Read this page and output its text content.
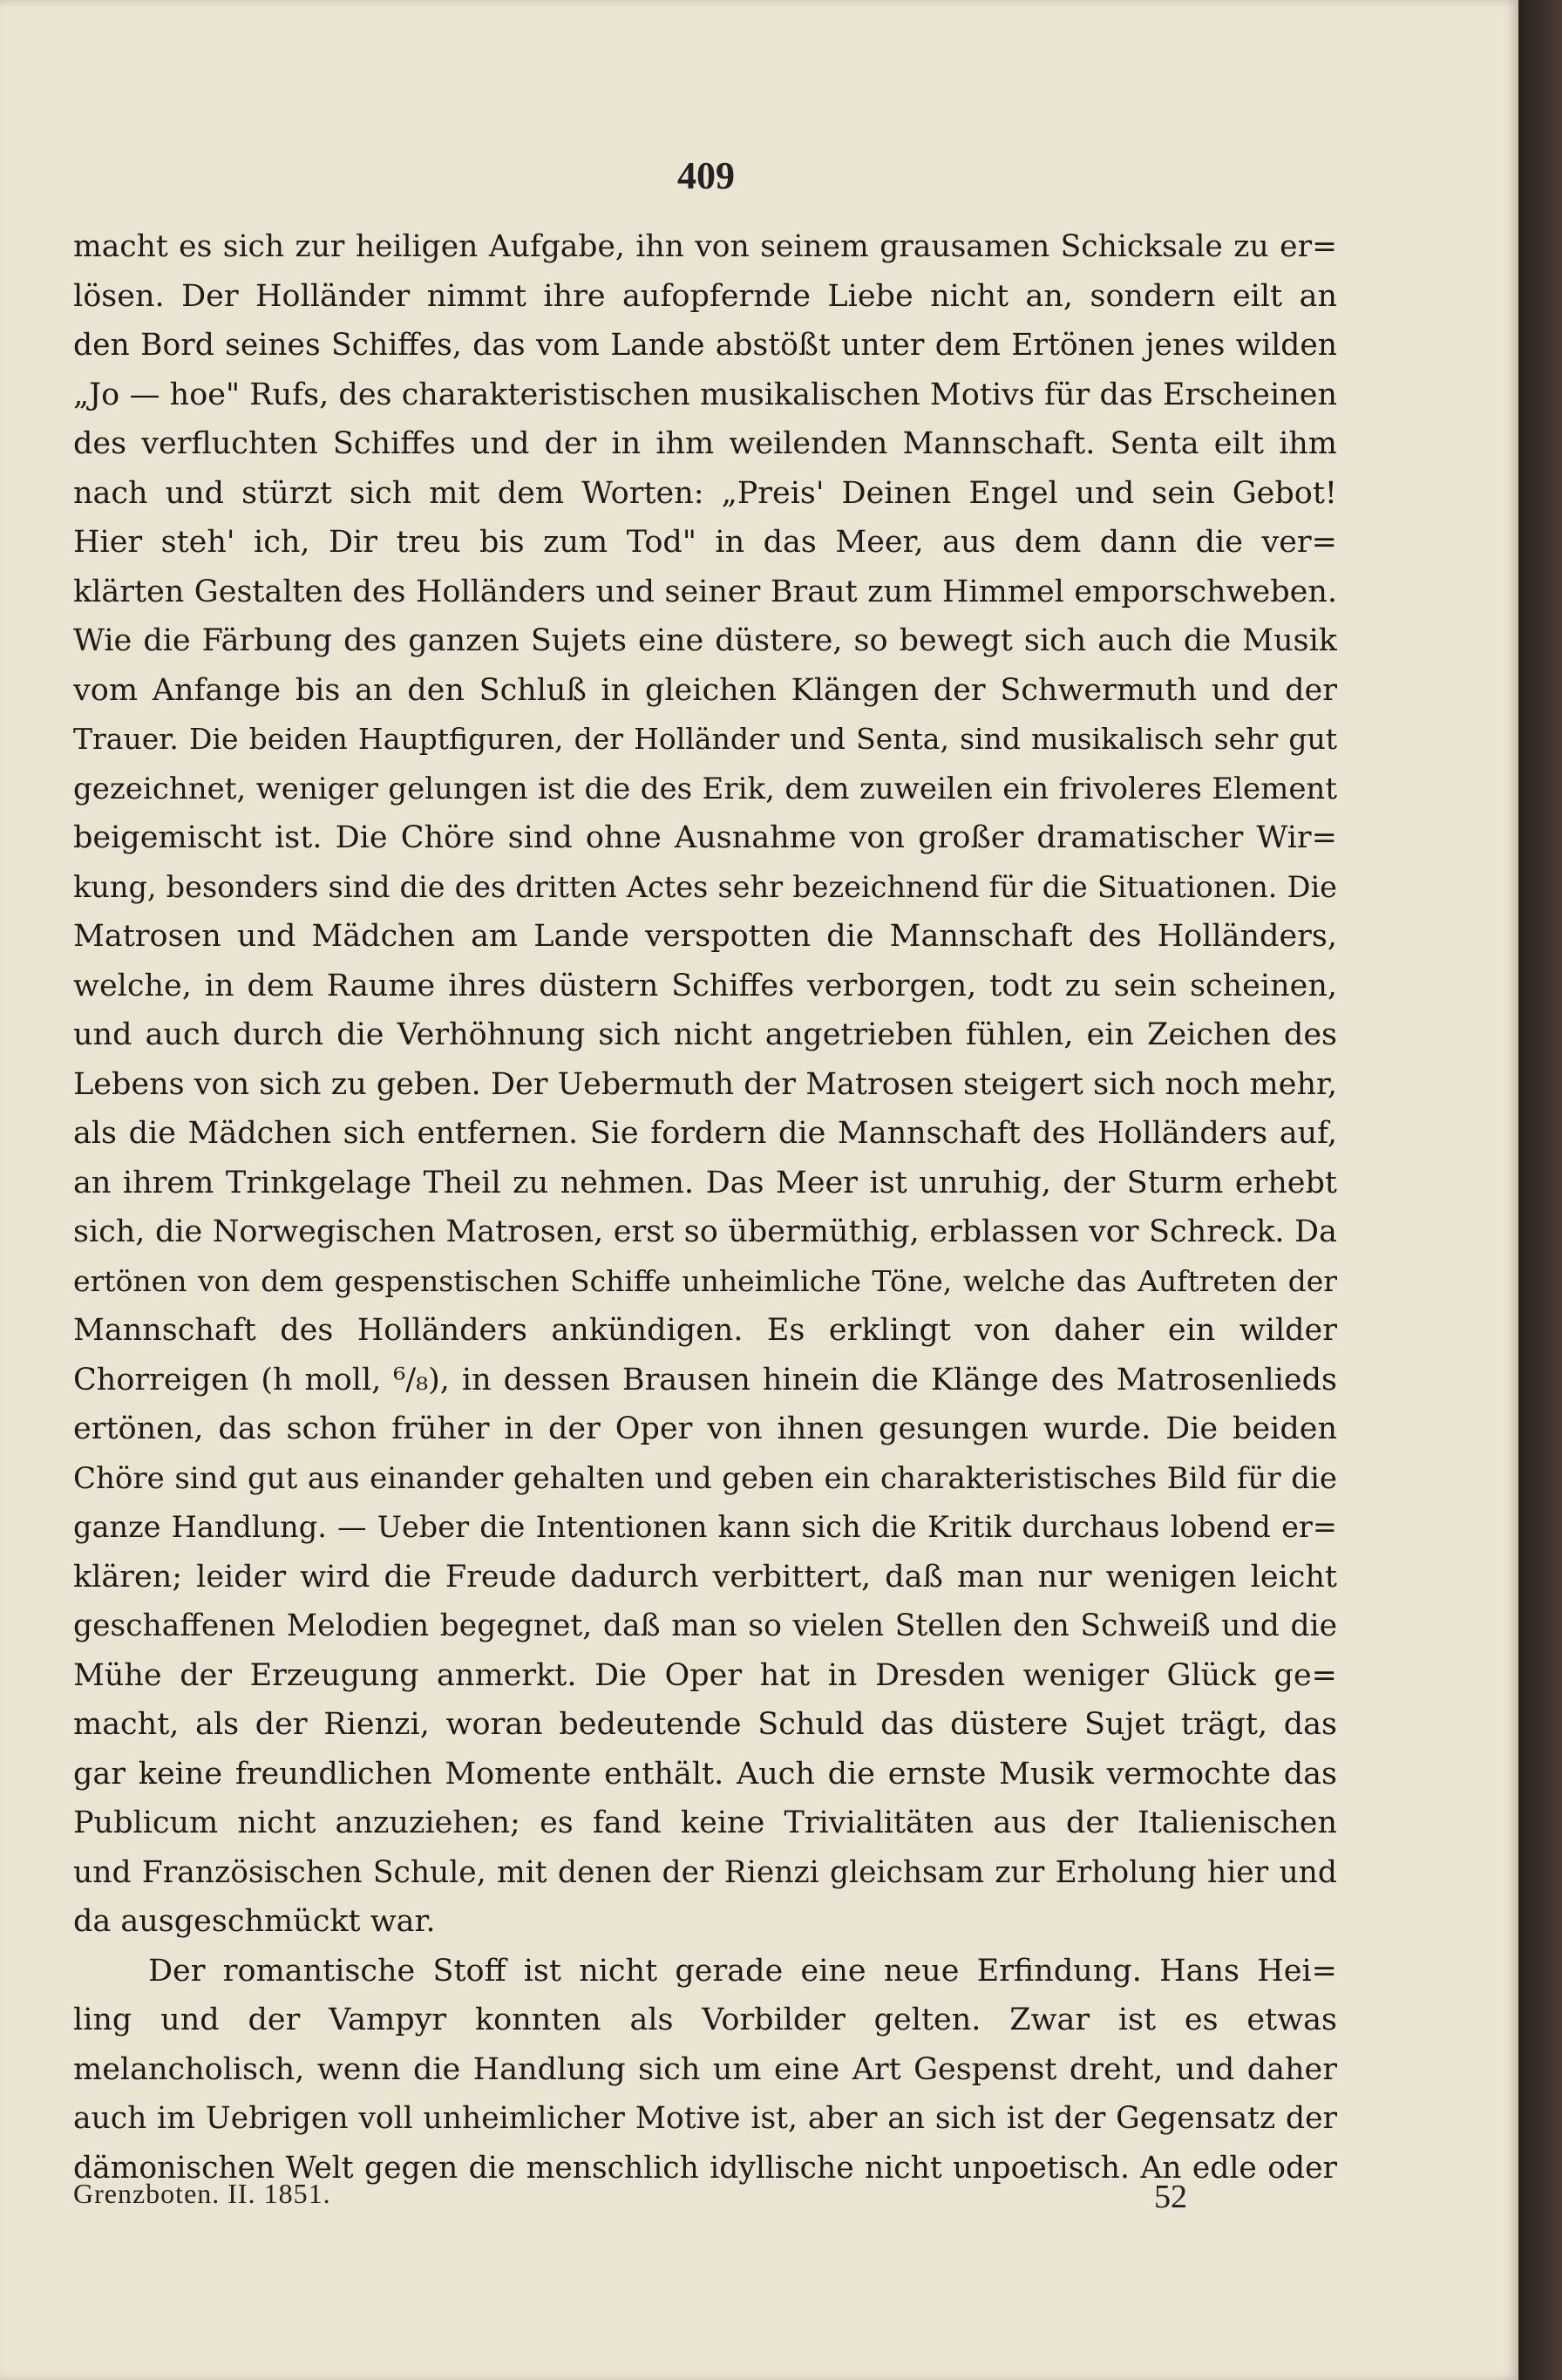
409
macht es sich zur heiligen Aufgabe, ihn von seinem grausamen Schicksale zu er=
lösen. Der Holländer nimmt ihre aufopfernde Liebe nicht an, sondern eilt an
den Bord seines Schiffes, das vom Lande abstößt unter dem Ertönen jenes wilden
„Jo — hoe" Rufs, des charakteristischen musikalischen Motivs für das Erscheinen
des verfluchten Schiffes und der in ihm weilenden Mannschaft. Senta eilt ihm
nach und stürzt sich mit dem Worten: „Preis' Deinen Engel und sein Gebot!
Hier steh' ich, Dir treu bis zum Tod" in das Meer, aus dem dann die ver=
klärten Gestalten des Holländers und seiner Braut zum Himmel emporschweben.
Wie die Färbung des ganzen Sujets eine düstere, so bewegt sich auch die Musik
vom Anfange bis an den Schluß in gleichen Klängen der Schwermuth und der
Trauer. Die beiden Hauptfiguren, der Holländer und Senta, sind musikalisch sehr gut
gezeichnet, weniger gelungen ist die des Erik, dem zuweilen ein frivoleres Element
beigemischt ist. Die Chöre sind ohne Ausnahme von großer dramatischer Wir=
kung, besonders sind die des dritten Actes sehr bezeichnend für die Situationen. Die
Matrosen und Mädchen am Lande verspotten die Mannschaft des Holländers,
welche, in dem Raume ihres düstern Schiffes verborgen, todt zu sein scheinen,
und auch durch die Verhöhnung sich nicht angetrieben fühlen, ein Zeichen des
Lebens von sich zu geben. Der Uebermuth der Matrosen steigert sich noch mehr,
als die Mädchen sich entfernen. Sie fordern die Mannschaft des Holländers auf,
an ihrem Trinkgelage Theil zu nehmen. Das Meer ist unruhig, der Sturm erhebt
sich, die Norwegischen Matrosen, erst so übermüthig, erblassen vor Schreck. Da
ertönen von dem gespenstischen Schiffe unheimliche Töne, welche das Auftreten der
Mannschaft des Holländers ankündigen. Es erklingt von daher ein wilder
Chorreigen (h moll, ⁶/₈), in dessen Brausen hinein die Klänge des Matrosenlieds
ertönen, das schon früher in der Oper von ihnen gesungen wurde. Die beiden
Chöre sind gut aus einander gehalten und geben ein charakteristisches Bild für die
ganze Handlung. — Ueber die Intentionen kann sich die Kritik durchaus lobend er=
klären; leider wird die Freude dadurch verbittert, daß man nur wenigen leicht
geschaffenen Melodien begegnet, daß man so vielen Stellen den Schweiß und die
Mühe der Erzeugung anmerkt. Die Oper hat in Dresden weniger Glück ge=
macht, als der Rienzi, woran bedeutende Schuld das düstere Sujet trägt, das
gar keine freundlichen Momente enthält. Auch die ernste Musik vermochte das
Publicum nicht anzuziehen; es fand keine Trivialitäten aus der Italienischen
und Französischen Schule, mit denen der Rienzi gleichsam zur Erholung hier und
da ausgeschmückt war.
Der romantische Stoff ist nicht gerade eine neue Erfindung. Hans Hei=
ling und der Vampyr konnten als Vorbilder gelten. Zwar ist es etwas
melancholisch, wenn die Handlung sich um eine Art Gespenst dreht, und daher
auch im Uebrigen voll unheimlicher Motive ist, aber an sich ist der Gegensatz der
dämonischen Welt gegen die menschlich idyllische nicht unpoetisch. An edle oder
Grenzboten. II. 1851.	52
